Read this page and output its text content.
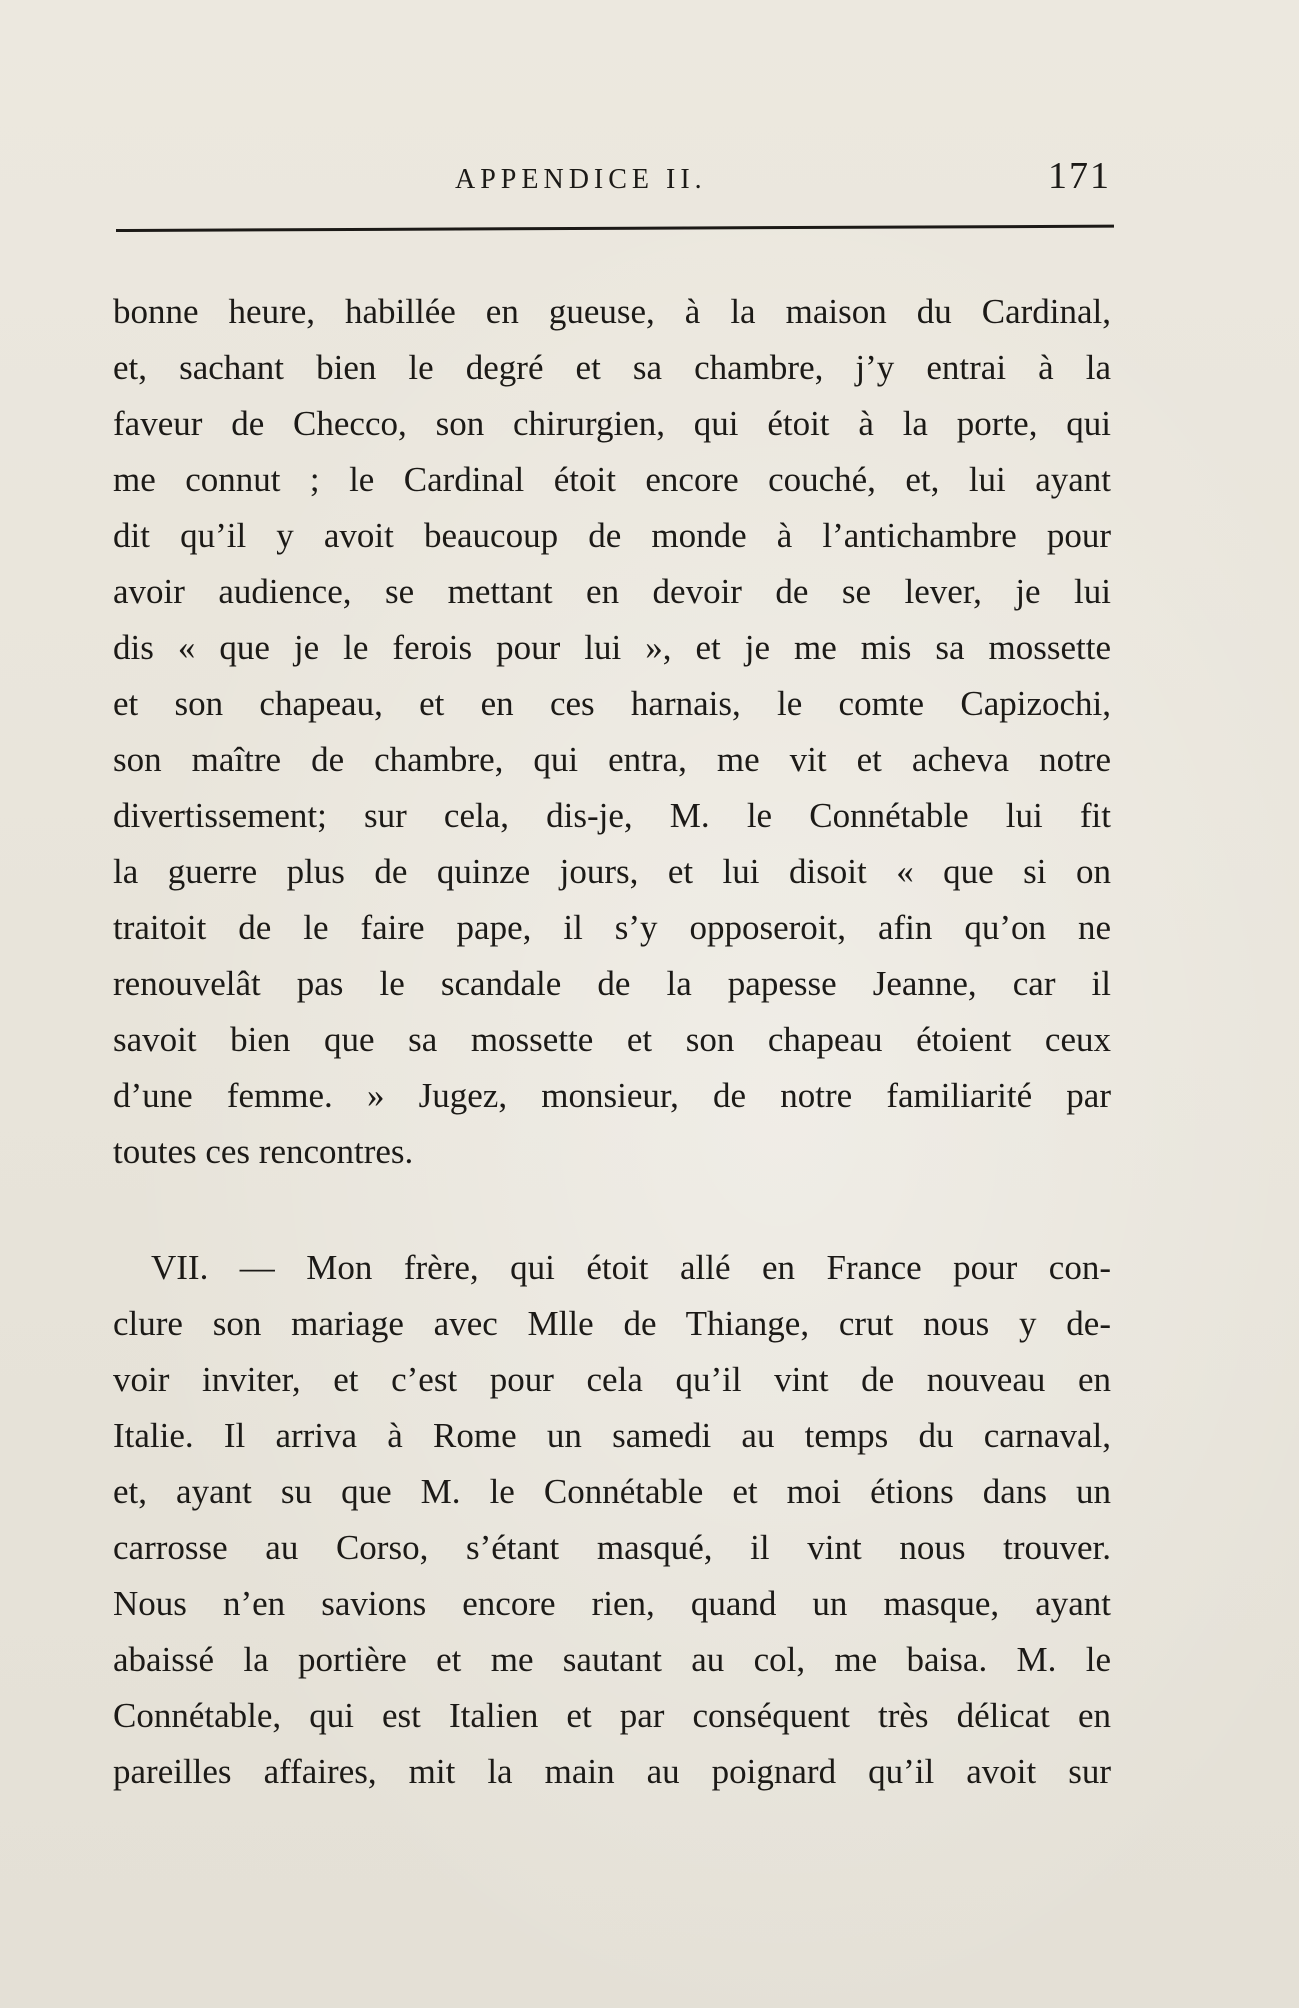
APPENDICE II.	171
bonne heure, habillée en gueuse, à la maison du Cardinal,
et, sachant bien le degré et sa chambre, j’y entrai à la
faveur de Checco, son chirurgien, qui étoit à la porte, qui
me connut ; le Cardinal étoit encore couché, et, lui ayant
dit qu’il y avoit beaucoup de monde à l’antichambre pour
avoir audience, se mettant en devoir de se lever, je lui
dis « que je le ferois pour lui », et je me mis sa mossette
et son chapeau, et en ces harnais, le comte Capizochi,
son maître de chambre, qui entra, me vit et acheva notre
divertissement; sur cela, dis-je, M. le Connétable lui fit
la guerre plus de quinze jours, et lui disoit « que si on
traitoit de le faire pape, il s’y opposeroit, afin qu’on ne
renouvelât pas le scandale de la papesse Jeanne, car il
savoit bien que sa mossette et son chapeau étoient ceux
d’une femme. » Jugez, monsieur, de notre familiarité par
toutes ces rencontres.
VII. — Mon frère, qui étoit allé en France pour con-
clure son mariage avec Mlle de Thiange, crut nous y de-
voir inviter, et c’est pour cela qu’il vint de nouveau en
Italie. Il arriva à Rome un samedi au temps du carnaval,
et, ayant su que M. le Connétable et moi étions dans un
carrosse au Corso, s’étant masqué, il vint nous trouver.
Nous n’en savions encore rien, quand un masque, ayant
abaissé la portière et me sautant au col, me baisa. M. le
Connétable, qui est Italien et par conséquent très délicat en
pareilles affaires, mit la main au poignard qu’il avoit sur
